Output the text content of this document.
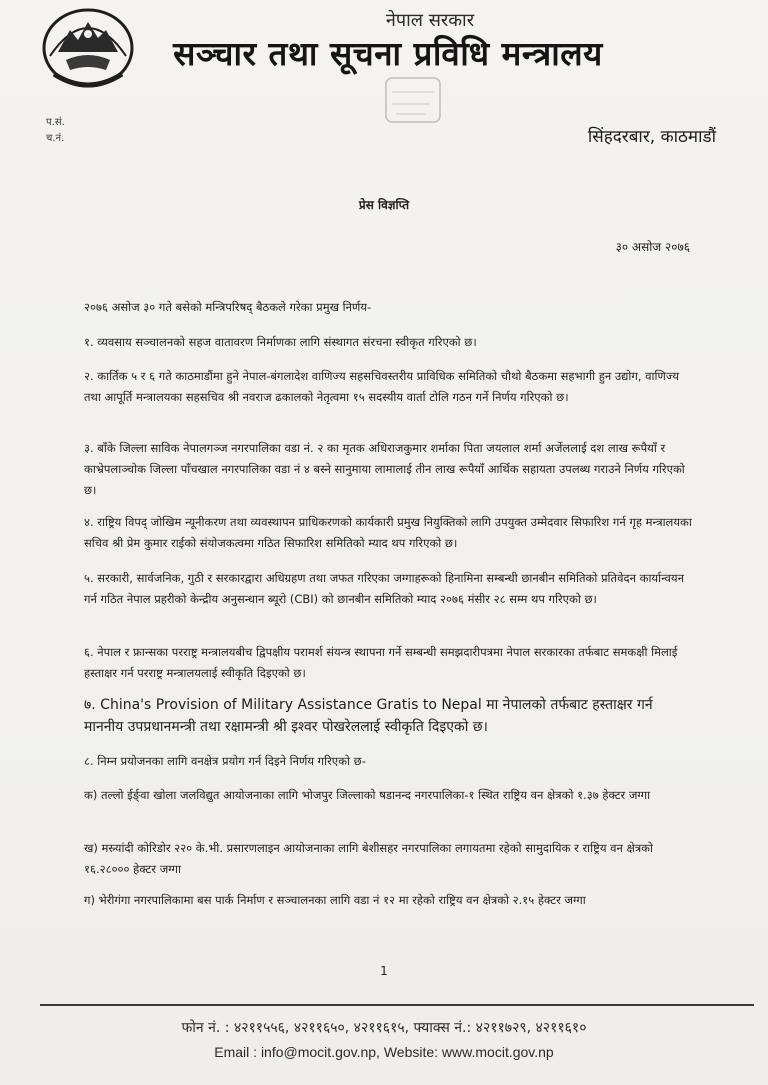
नेपाल सरकार
सञ्चार तथा सूचना प्रविधि मन्त्रालय
प.सं.
च.नं.	सिंहदरबार, काठमाडौं
प्रेस विज्ञप्ति
३० असोज २०७६
२०७६ असोज ३० गते बसेको मन्त्रिपरिषद् बैठकले गरेका प्रमुख निर्णय-
१. व्यवसाय सञ्चालनको सहज वातावरण निर्माणका लागि संस्थागत संरचना स्वीकृत गरिएको छ।
२. कार्तिक ५ र ६ गते काठमाडौंमा हुने नेपाल-बंगलादेश वाणिज्य सहसचिवस्तरीय प्राविधिक समितिको चौथो बैठकमा सहभागी हुन उद्योग, वाणिज्य तथा आपूर्ति मन्त्रालयका सहसचिव श्री नवराज ढकालको नेतृत्वमा १५ सदस्यीय वार्ता टोलि गठन गर्ने निर्णय गरिएको छ।
३. बाँके जिल्ला साविक नेपालगञ्ज नगरपालिका वडा नं. २ का मृतक अधिराजकुमार शर्माका पिता जयलाल शर्मा अर्जेललाई दश लाख रूपैयाँ र काभ्रेपलाञ्चोक जिल्ला पाँचखाल नगरपालिका वडा नं ४ बस्ने सानुमाया लामालाई तीन लाख रूपैयाँ आर्थिक सहायता उपलब्ध गराउने निर्णय गरिएको छ।
४. राष्ट्रिय विपद् जोखिम न्यूनीकरण तथा व्यवस्थापन प्राधिकरणको कार्यकारी प्रमुख नियुक्तिको लागि उपयुक्त उम्मेदवार सिफारिश गर्न गृह मन्त्रालयका सचिव श्री प्रेम कुमार राईको संयोजकत्वमा गठित सिफारिश समितिको म्याद थप गरिएको छ।
५. सरकारी, सार्वजनिक, गुठी र सरकारद्वारा अधिग्रहण तथा जफत गरिएका जग्गाहरूको हिनामिना सम्बन्धी छानबीन समितिको प्रतिवेदन कार्यान्वयन गर्न गठित नेपाल प्रहरीको केन्द्रीय अनुसन्धान ब्यूरो (CBI) को छानबीन समितिको म्याद २०७६ मंसीर २८ सम्म थप गरिएको छ।
६. नेपाल र फ्रान्सका परराष्ट्र मन्त्रालयबीच द्विपक्षीय परामर्श संयन्त्र स्थापना गर्ने सम्बन्धी समझदारीपत्रमा नेपाल सरकारका तर्फबाट समकक्षी मिलाई हस्ताक्षर गर्न परराष्ट्र मन्त्रालयलाई स्वीकृति दिइएको छ।
७. China's Provision of Military Assistance Gratis to Nepal मा नेपालको तर्फबाट हस्ताक्षर गर्न माननीय उपप्रधानमन्त्री तथा रक्षामन्त्री श्री इश्वर पोखरेललाई स्वीकृति दिइएको छ।
८. निम्न प्रयोजनका लागि वनक्षेत्र प्रयोग गर्न दिइने निर्णय गरिएको छ-
क) तल्लो ईर्ङ्वा खोला जलविद्युत आयोजनाका लागि भोजपुर जिल्लाको षडानन्द नगरपालिका-१ स्थित राष्ट्रिय वन क्षेत्रको १.३७ हेक्टर जग्गा
ख) मस्र्यांदी कोरिडोर २२० के.भी. प्रसारणलाइन आयोजनाका लागि बेशीसहर नगरपालिका लगायतमा रहेको सामुदायिक र राष्ट्रिय वन क्षेत्रको १६.२८००० हेक्टर जग्गा
ग) भेरीगंगा नगरपालिकामा बस पार्क निर्माण र सञ्चालनका लागि वडा नं १२ मा रहेको राष्ट्रिय वन क्षेत्रको २.१५ हेक्टर जग्गा
1
फोन नं. : ४२११५५६, ४२११६५०, ४२११६१५, फ्याक्स नं.: ४२११७२९, ४२११६१०
Email : info@mocit.gov.np, Website: www.mocit.gov.np
